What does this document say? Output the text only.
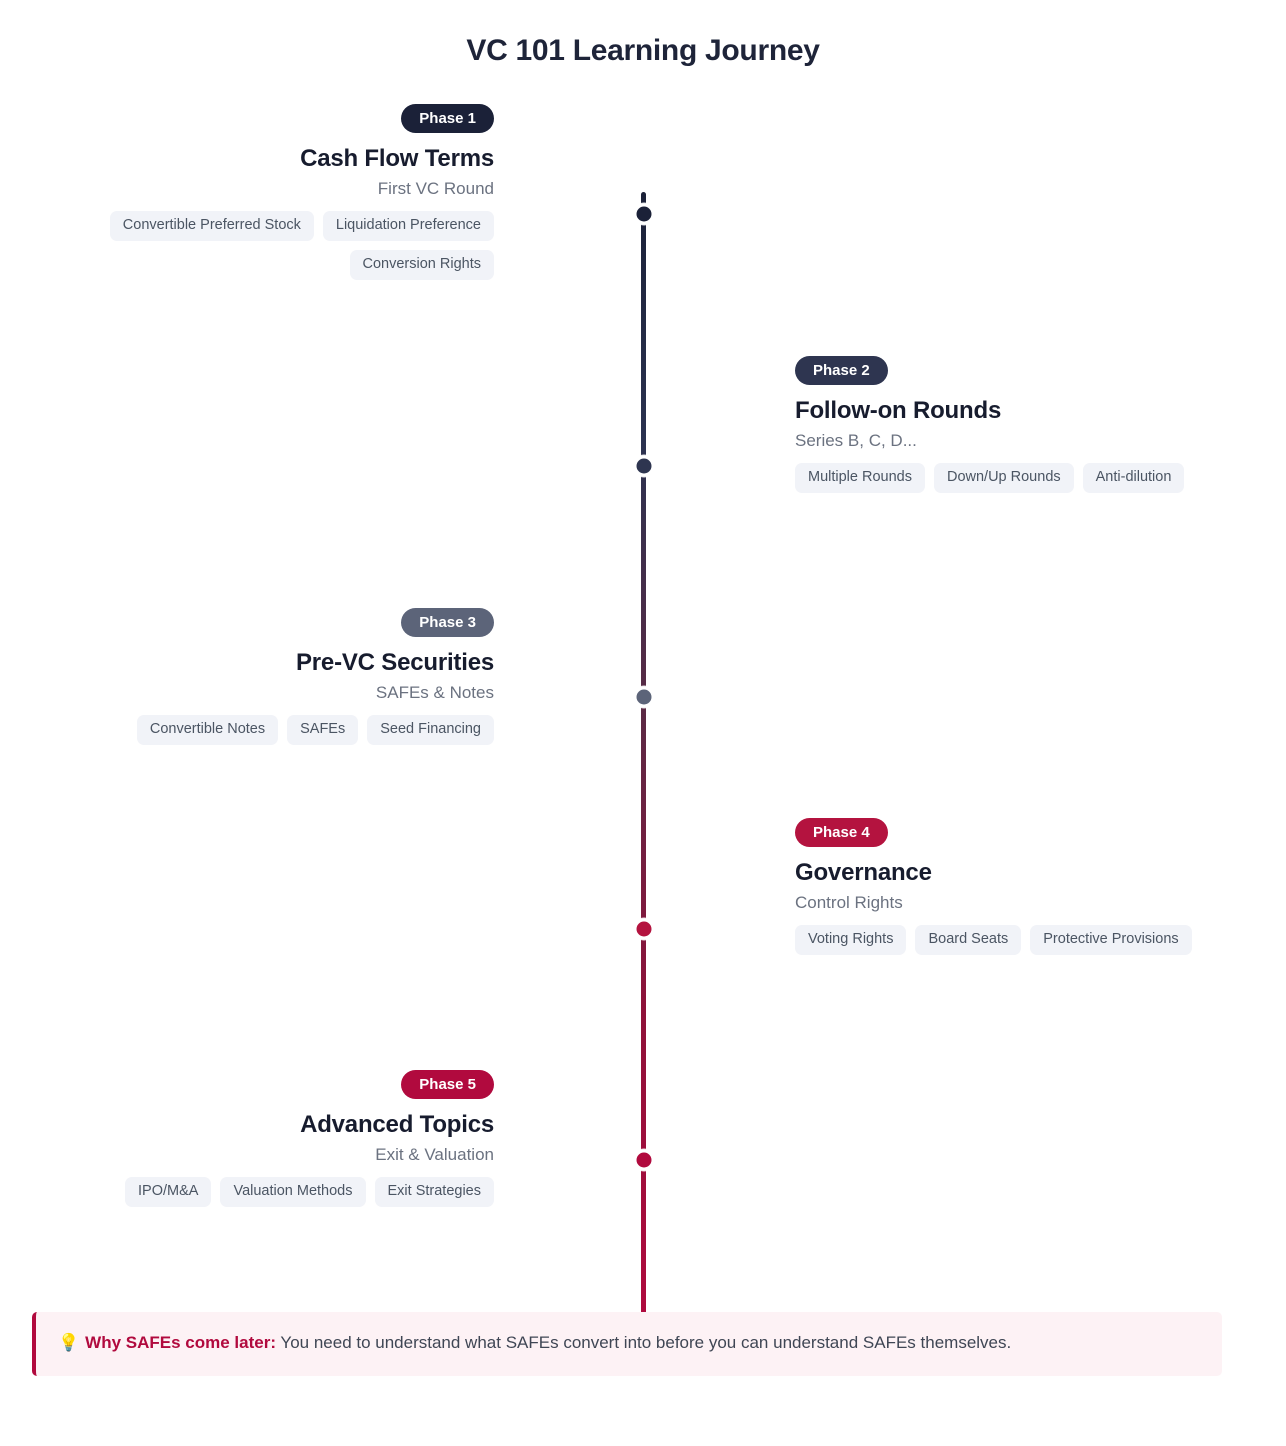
VC 101 Learning Journey
Phase 1
Cash Flow Terms
First VC Round
Convertible Preferred Stock	Liquidation Preference
Conversion Rights
Phase 2
Follow-on Rounds
Series B, C, D...
Multiple Rounds	Down/Up Rounds	Anti-dilution
Phase 3
Pre-VC Securities
SAFEs & Notes
Convertible Notes	SAFEs	Seed Financing
Phase 4
Governance
Control Rights
Voting Rights	Board Seats	Protective Provisions
Phase 5
Advanced Topics
Exit & Valuation
IPO/M&A	Valuation Methods	Exit Strategies
💡 Why SAFEs come later: You need to understand what SAFEs convert into before you can understand SAFEs themselves.
